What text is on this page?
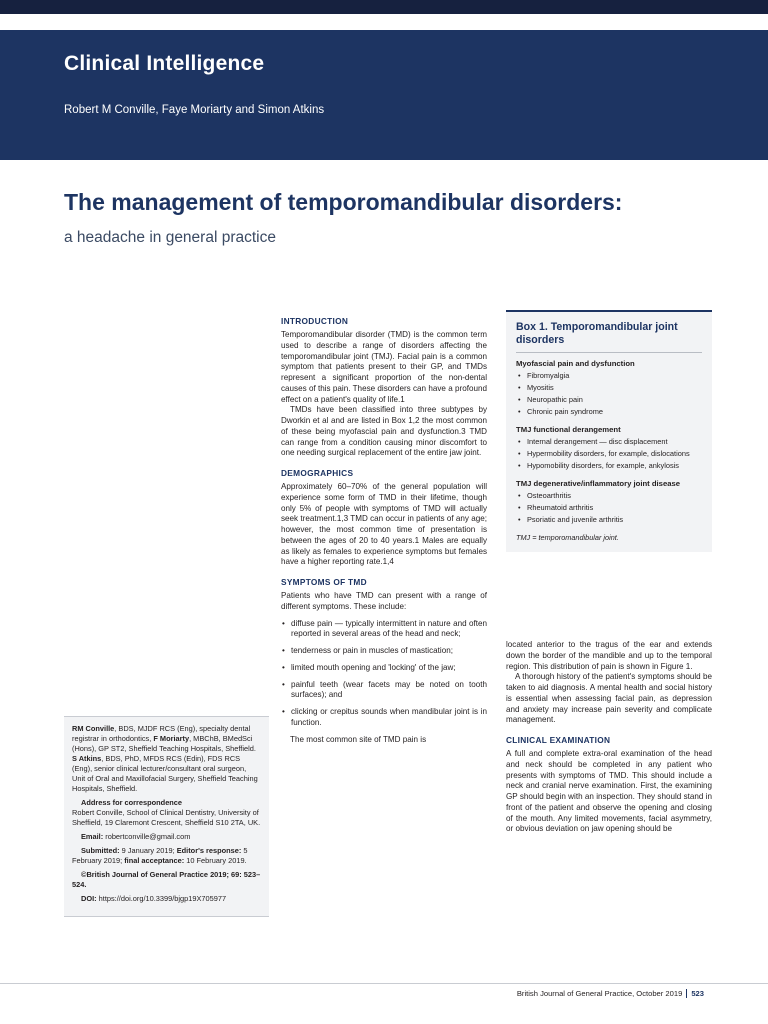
Clinical Intelligence
Robert M Conville, Faye Moriarty and Simon Atkins
The management of temporomandibular disorders:
a headache in general practice

RM Conville, BDS, MJDF RCS (Eng), specialty dental registrar in orthodontics, F Moriarty, MBChB, BMedSci (Hons), GP ST2, Sheffield Teaching Hospitals, Sheffield. S Atkins, BDS, PhD, MFDS RCS (Edin), FDS RCS (Eng), senior clinical lecturer/consultant oral surgeon, Unit of Oral and Maxillofacial Surgery, Sheffield Teaching Hospitals, Sheffield.

Address for correspondence
Robert Conville, School of Clinical Dentistry, University of Sheffield, 19 Claremont Crescent, Sheffield S10 2TA, UK.

Email: robertconville@gmail.com

Submitted: 9 January 2019; Editor's response: 5 February 2019; final acceptance: 10 February 2019.

©British Journal of General Practice 2019; 69: 523–524.

DOI: https://doi.org/10.3399/bjgp19X705977

INTRODUCTION

Temporomandibular disorder (TMD) is the common term used to describe a range of disorders affecting the temporomandibular joint (TMJ). Facial pain is a common symptom that patients present to their GP, and TMDs represent a significant proportion of the non-dental causes of this pain. These disorders can have a profound effect on a patient's quality of life.1

TMDs have been classified into three subtypes by Dworkin et al and are listed in Box 1,2 the most common of these being myofascial pain and dysfunction.3 TMD can range from a condition causing minor discomfort to one needing surgical replacement of the entire jaw joint.

DEMOGRAPHICS

Approximately 60–70% of the general population will experience some form of TMD in their lifetime, though only 5% of people with symptoms of TMD will actually seek treatment.1,3 TMD can occur in patients of any age; however, the most common time of presentation is between the ages of 20 to 40 years.1 Males are equally as likely as females to experience symptoms but females have a higher reporting rate.1,4

SYMPTOMS OF TMD

Patients who have TMD can present with a range of different symptoms. These include:

• diffuse pain — typically intermittent in nature and often reported in several areas of the head and neck;
• tenderness or pain in muscles of mastication;
• limited mouth opening and 'locking' of the jaw;
• painful teeth (wear facets may be noted on tooth surfaces); and
• clicking or crepitus sounds when mandibular joint is in function.

The most common site of TMD pain is

Box 1. Temporomandibular joint disorders
Myofascial pain and dysfunction
• Fibromyalgia
• Myositis
• Neuropathic pain
• Chronic pain syndrome
TMJ functional derangement
• Internal derangement — disc displacement
• Hypermobility disorders, for example, dislocations
• Hypomobility disorders, for example, ankylosis
TMJ degenerative/inflammatory joint disease
• Osteoarthritis
• Rheumatoid arthritis
• Psoriatic and juvenile arthritis
TMJ = temporomandibular joint.

located anterior to the tragus of the ear and extends down the border of the mandible and up to the temporal region. This distribution of pain is shown in Figure 1.

A thorough history of the patient's symptoms should be taken to aid diagnosis. A mental health and social history is essential when assessing facial pain, as depression and anxiety may increase pain severity and complicate management.

CLINICAL EXAMINATION

A full and complete extra-oral examination of the head and neck should be completed in any patient who presents with symptoms of TMD. This should include a neck and cranial nerve examination. First, the examining GP should begin with an inspection. They should stand in front of the patient and observe the opening and closing of the mouth. Any limited movements, facial asymmetry, or obvious deviation on jaw opening should be

British Journal of General Practice, October 2019 523
